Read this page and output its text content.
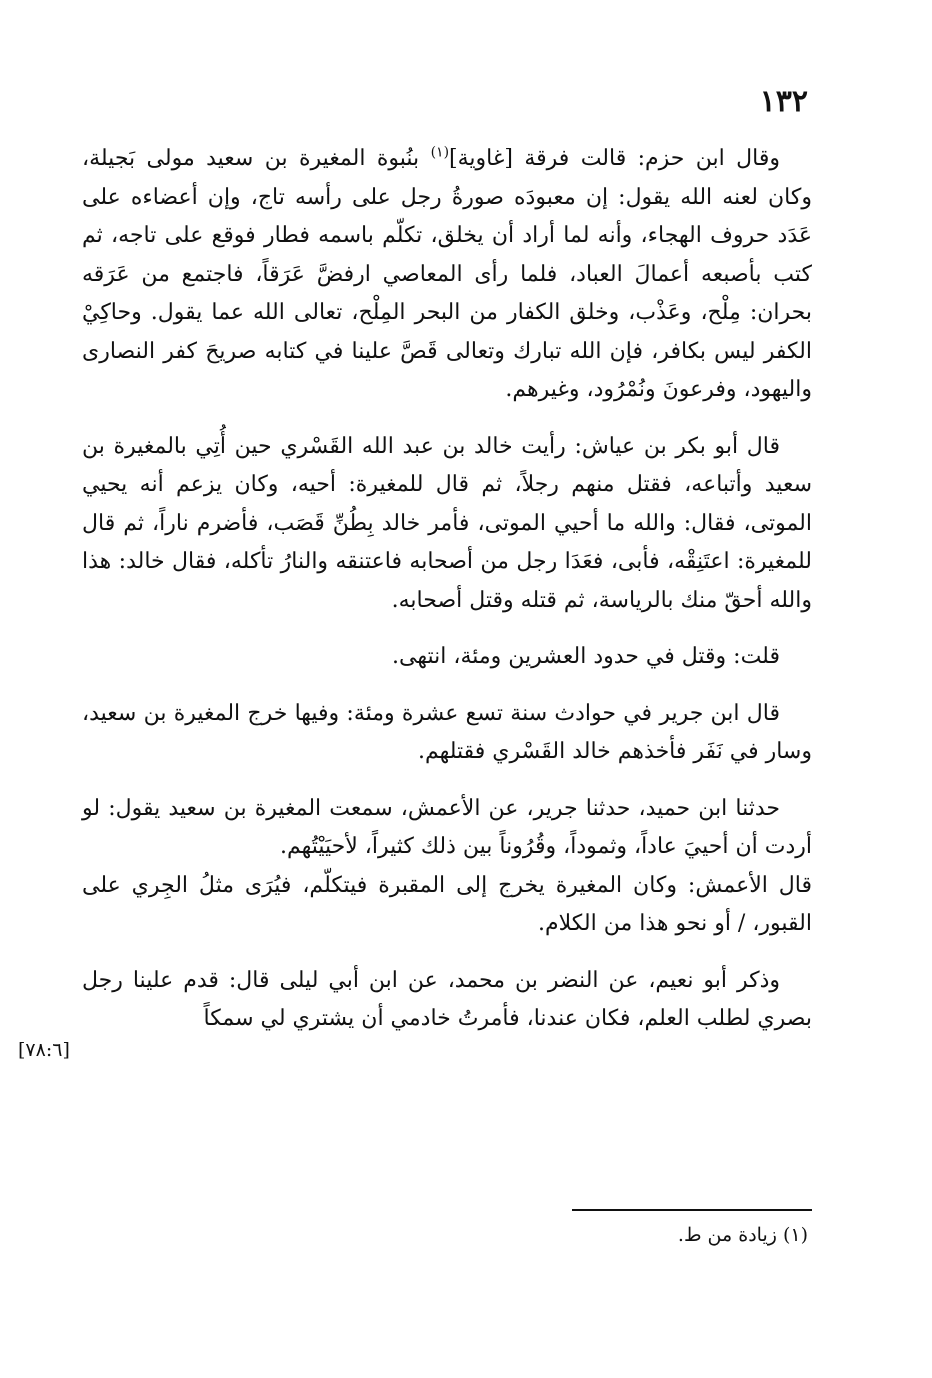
١٣٢

وقال ابن حزم: قالت فرقة [غاوية]$^{(١)}$ بنُبوة المغيرة بن سعيد مولى بَجيلة، وكان لعنه الله يقول: إن معبودَه صورةُ رجل على رأسه تاج، وإن أعضاءه على عَدَد حروف الهجاء، وأنه لما أراد أن يخلق، تكلّم باسمه فطار فوقع على تاجه، ثم كتب بأصبعه أعمالَ العباد، فلما رأى المعاصي ارفضَّ عَرَقاً، فاجتمع من عَرَقه بحران: مِلْح، وعَذْب، وخلق الكفار من البحر المِلْح، تعالى الله عما يقول. وحاكِيْ الكفر ليس بكافر، فإن الله تبارك وتعالى قَصَّ علينا في كتابه صريحَ كفر النصارى واليهود، وفرعونَ ونُمْرُود، وغيرهم.

قال أبو بكر بن عياش: رأيت خالد بن عبد الله القَسْري حين أُتِي بالمغيرة بن سعيد وأتباعه، فقتل منهم رجلاً، ثم قال للمغيرة: أحيه، وكان يزعم أنه يحيي الموتى، فقال: والله ما أحيي الموتى، فأمر خالد بِطُنِّ قَصَب، فأضرم ناراً، ثم قال للمغيرة: اعتَنِقْه، فأبى، فعَدَا رجل من أصحابه فاعتنقه والنارُ تأكله، فقال خالد: هذا والله أحقّ منك بالرياسة، ثم قتله وقتل أصحابه.

قلت: وقتل في حدود العشرين ومئة، انتهى.

قال ابن جرير في حوادث سنة تسع عشرة ومئة: وفيها خرج المغيرة بن سعيد، وسار في نَفَر فأخذهم خالد القَسْري فقتلهم.

حدثنا ابن حميد، حدثنا جرير، عن الأعمش، سمعت المغيرة بن سعيد يقول: لو أردت أن أحييَ عاداً، وثموداً، وقُرُوناً بين ذلك كثيراً، لأحيَيْتُهم.

قال الأعمش: وكان المغيرة يخرج إلى المقبرة فيتكلّم، فيُرَى مثلُ الجِري على القبور، / أو نحو هذا من الكلام.

وذكر أبو نعيم، عن النضر بن محمد، عن ابن أبي ليلى قال: قدم علينا رجل بصري لطلب العلم، فكان عندنا، فأمرتُ خادمي أن يشتري لي سمكاً

[٧٨:٦]
(١) زيادة من ط.
